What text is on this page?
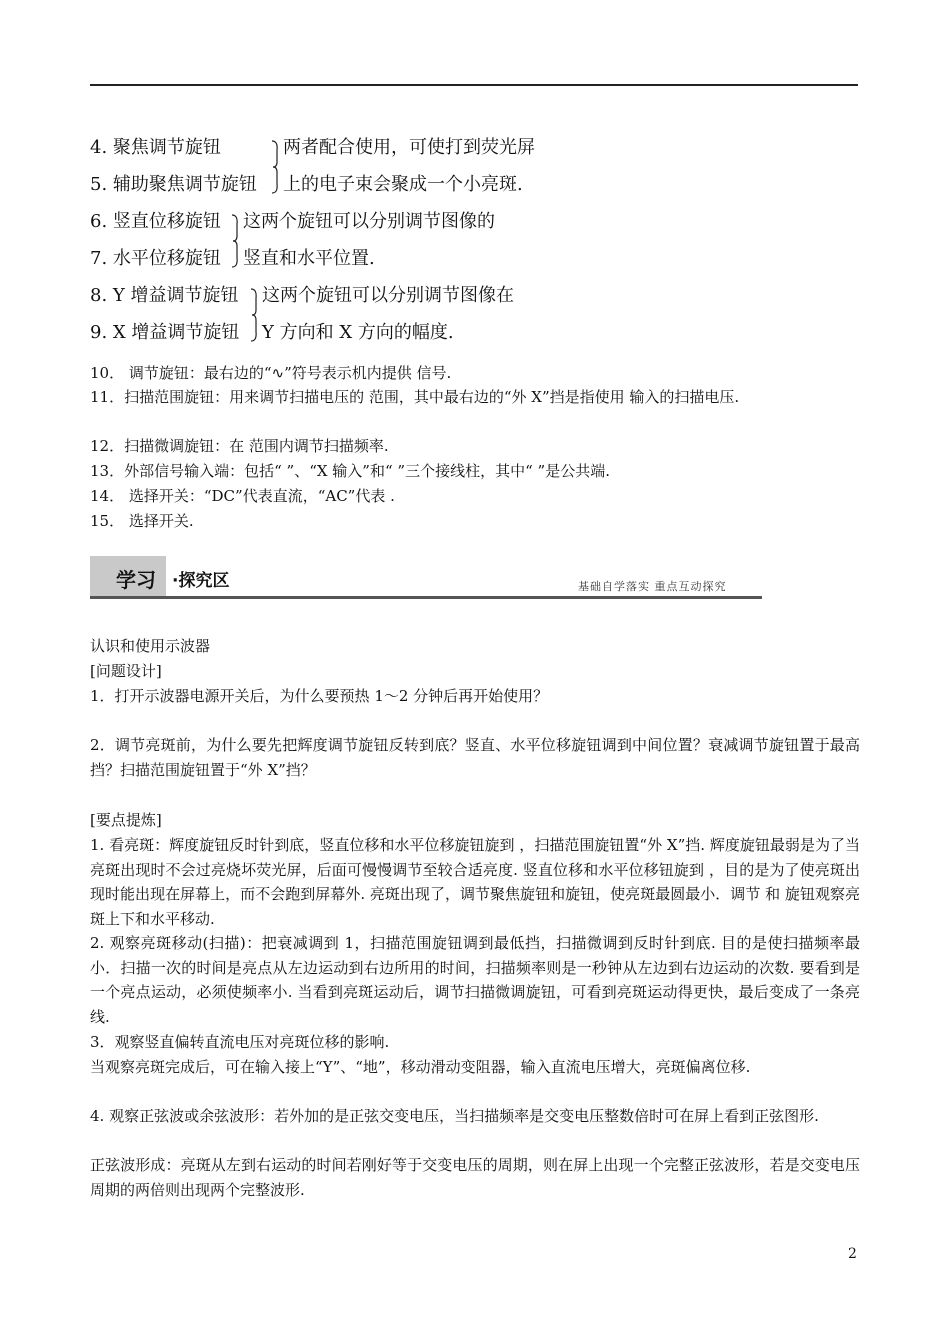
4. 聚焦调节旋钮
5. 辅助聚焦调节旋钮
两者配合使用，可使打到荧光屏
上的电子束会聚成一个小亮斑.
6. 竖直位移旋钮
7. 水平位移旋钮
这两个旋钮可以分别调节图像的
竖直和水平位置.
8. Y 增益调节旋钮
9. X 增益调节旋钮
这两个旋钮可以分别调节图像在
Y 方向和 X 方向的幅度.
10． 调节旋钮：最右边的“∿”符号表示机内提供 信号.
11．扫描范围旋钮：用来调节扫描电压的 范围，其中最右边的“外 X”挡是指使用 输入的扫描电压.
12．扫描微调旋钮：在 范围内调节扫描频率.
13．外部信号输入端：包括“ ”、“X 输入”和“ ”三个接线柱，其中“ ”是公共端.
14． 选择开关：“DC”代表直流，“AC”代表 .
15． 选择开关.
学习 ·探究区	基础自学落实 重点互动探究
认识和使用示波器
[问题设计]
1．打开示波器电源开关后，为什么要预热 1～2 分钟后再开始使用？
2．调节亮斑前，为什么要先把辉度调节旋钮反转到底？竖直、水平位移旋钮调到中间位置？衰减调节旋钮置于最高挡？扫描范围旋钮置于“外 X”挡？
[要点提炼]
1. 看亮斑：辉度旋钮反时针到底，竖直位移和水平位移旋钮旋到 ，扫描范围旋钮置“外 X”挡. 辉度旋钮最弱是为了当亮斑出现时不会过亮烧坏荧光屏，后面可慢慢调节至较合适亮度. 竖直位移和水平位移钮旋到 ，目的是为了使亮斑出现时能出现在屏幕上，而不会跑到屏幕外. 亮斑出现了，调节聚焦旋钮和旋钮，使亮斑最圆最小．调节 和 旋钮观察亮斑上下和水平移动.
2. 观察亮斑移动(扫描)：把衰减调到 1，扫描范围旋钮调到最低挡，扫描微调到反时针到底. 目的是使扫描频率最小．扫描一次的时间是亮点从左边运动到右边所用的时间，扫描频率则是一秒钟从左边到右边运动的次数. 要看到是一个亮点运动，必须使频率小. 当看到亮斑运动后，调节扫描微调旋钮，可看到亮斑运动得更快，最后变成了一条亮线.
3．观察竖直偏转直流电压对亮斑位移的影响.
当观察亮斑完成后，可在输入接上“Y”、“地”，移动滑动变阻器，输入直流电压增大，亮斑偏离位移.
4. 观察正弦波或余弦波形：若外加的是正弦交变电压，当扫描频率是交变电压整数倍时可在屏上看到正弦图形.
正弦波形成：亮斑从左到右运动的时间若刚好等于交变电压的周期，则在屏上出现一个完整正弦波形，若是交变电压周期的两倍则出现两个完整波形.
2
